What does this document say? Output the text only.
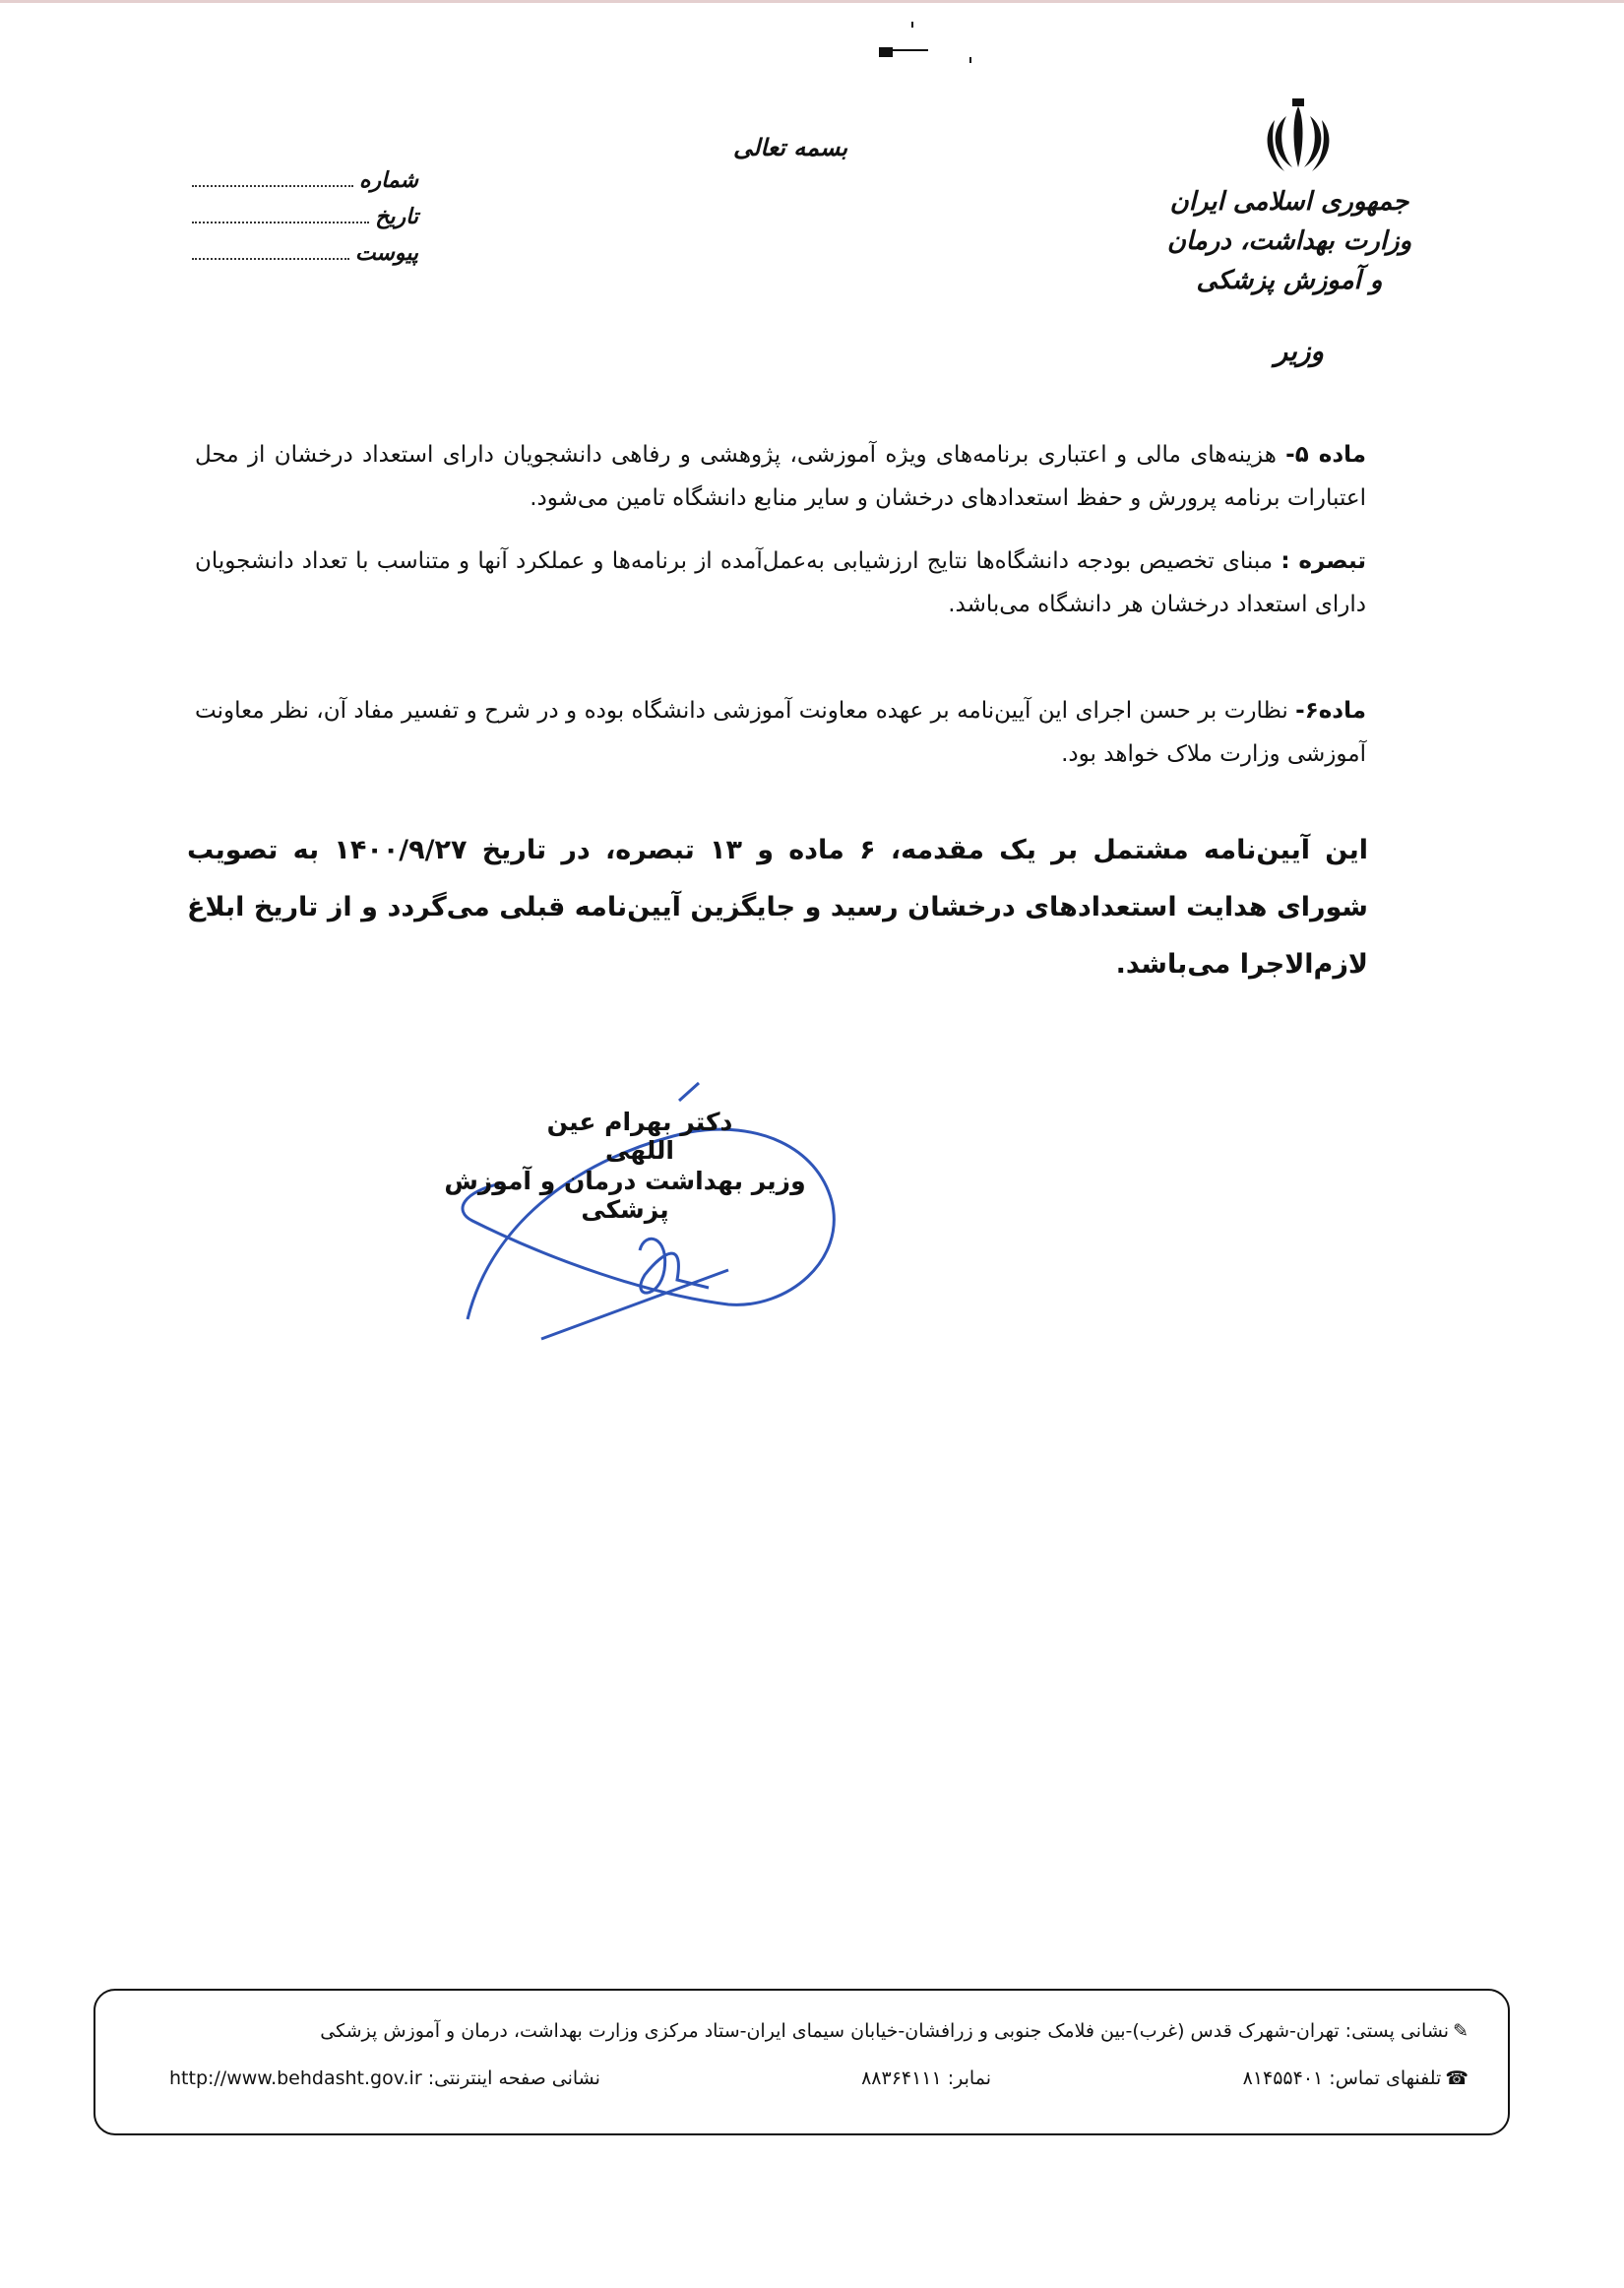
جمهوری اسلامی ایران
وزارت بهداشت، درمان و آموزش پزشکی
وزیر
بسمه تعالی
شماره
تاریخ
پیوست
ماده ۵- هزینه‌های مالی و اعتباری برنامه‌های ویژه آموزشی، پژوهشی و رفاهی دانشجویان دارای استعداد درخشان از محل اعتبارات برنامه پرورش و حفظ استعدادهای درخشان و سایر منابع دانشگاه تامین می‌شود.
تبصره : مبنای تخصیص بودجه دانشگاه‌ها نتایج ارزشیابی به‌عمل‌آمده از برنامه‌ها و عملکرد آنها و متناسب با تعداد دانشجویان دارای استعداد درخشان هر دانشگاه می‌باشد.
ماده۶- نظارت بر حسن اجرای این آیین‌نامه بر عهده معاونت آموزشی دانشگاه بوده و در شرح و تفسیر مفاد آن، نظر معاونت آموزشی وزارت ملاک خواهد بود.
این آیین‌نامه مشتمل بر یک مقدمه، ۶ ماده و ۱۳ تبصره، در تاریخ ۱۴۰۰/۹/۲۷ به تصویب شورای هدایت استعدادهای درخشان رسید و جایگزین آیین‌نامه قبلی می‌گردد و از تاریخ ابلاغ لازم‌الاجرا می‌باشد.
دکتر بهرام عین اللهی
وزیر بهداشت درمان و آموزش پزشکی
✎نشانی پستی: تهران-شهرک قدس (غرب)-بین فلامک جنوبی و زرافشان-خیابان سیمای ایران-ستاد مرکزی وزارت بهداشت، درمان و آموزش پزشکی
☎تلفنهای تماس: ۸۱۴۵۵۴۰۱
نمابر: ۸۸۳۶۴۱۱۱
نشانی صفحه اینترنتی: http://www.behdasht.gov.ir
